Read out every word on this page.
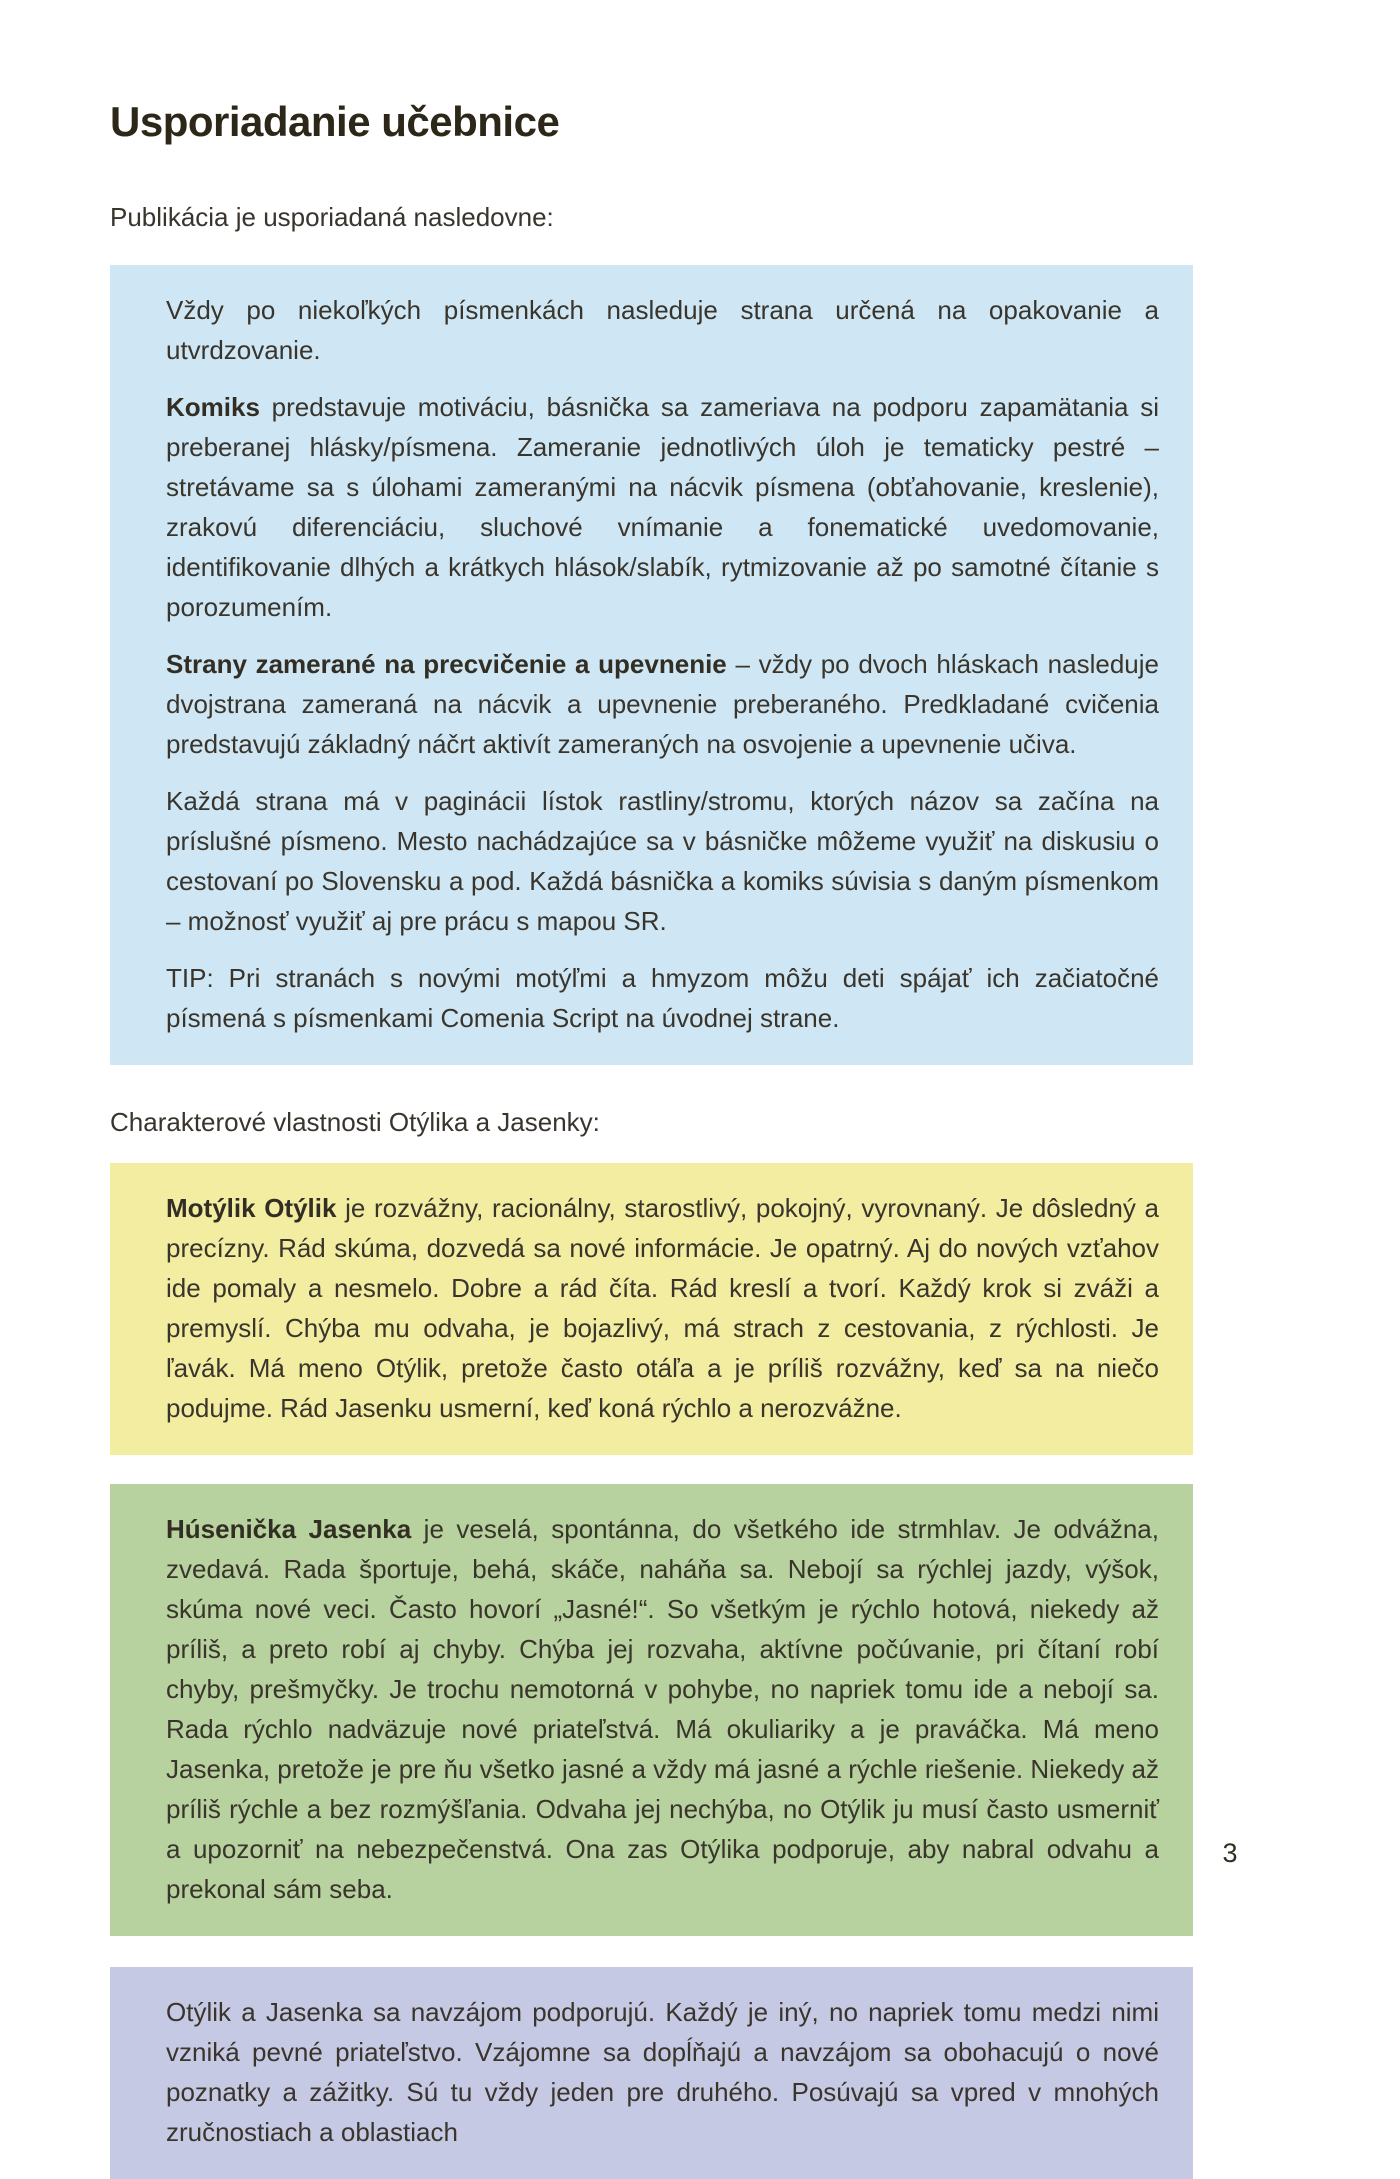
Usporiadanie učebnice
Publikácia je usporiadaná nasledovne:

Vždy po niekoľkých písmenkách nasleduje strana určená na opakovanie a utvrdzovanie.

Komiks predstavuje motiváciu, básnička sa zameriava na podporu zapamätania si preberanej hlásky/písmena. Zameranie jednotlivých úloh je tematicky pestré – stretávame sa s úlohami zameranými na nácvik písmena (obťahovanie, kreslenie), zrakovú diferenciáciu, sluchové vnímanie a fonematické uvedomovanie, identifikovanie dlhých a krátkych hlások/slabík, rytmizovanie až po samotné čítanie s porozumením.

Strany zamerané na precvičenie a upevnenie – vždy po dvoch hláskach nasleduje dvojstrana zameraná na nácvik a upevnenie preberaného. Predkladané cvičenia predstavujú základný náčrt aktivít zameraných na osvojenie a upevnenie učiva.

Každá strana má v paginácii lístok rastliny/stromu, ktorých názov sa začína na príslušné písmeno. Mesto nachádzajúce sa v básničke môžeme využiť na diskusiu o cestovaní po Slovensku a pod. Každá básnička a komiks súvisia s daným písmenkom – možnosť využiť aj pre prácu s mapou SR.

TIP: Pri stranách s novými motýľmi a hmyzom môžu deti spájať ich začiatočné písmená s písmenkami Comenia Script na úvodnej strane.

Charakterové vlastnosti Otýlika a Jasenky:

Motýlik Otýlik je rozvážny, racionálny, starostlivý, pokojný, vyrovnaný. Je dôsledný a precízny. Rád skúma, dozvedá sa nové informácie. Je opatrný. Aj do nových vzťahov ide pomaly a nesmelo. Dobre a rád číta. Rád kreslí a tvorí. Každý krok si zváži a premyslí. Chýba mu odvaha, je bojazlivý, má strach z cestovania, z rýchlosti. Je ľavák. Má meno Otýlik, pretože často otáľa a je príliš rozvážny, keď sa na niečo podujme. Rád Jasenku usmerní, keď koná rýchlo a nerozvážne.

Húsenička Jasenka je veselá, spontánna, do všetkého ide strmhlav. Je odvážna, zvedavá. Rada športuje, behá, skáče, naháňa sa. Nebojí sa rýchlej jazdy, výšok, skúma nové veci. Často hovorí „Jasné!“. So všetkým je rýchlo hotová, niekedy až príliš, a preto robí aj chyby. Chýba jej rozvaha, aktívne počúvanie, pri čítaní robí chyby, prešmyčky. Je trochu nemotorná v pohybe, no napriek tomu ide a nebojí sa. Rada rýchlo nadväzuje nové priateľstvá. Má okuliariky a je praváčka. Má meno Jasenka, pretože je pre ňu všetko jasné a vždy má jasné a rýchle riešenie. Niekedy až príliš rýchle a bez rozmýšľania. Odvaha jej nechýba, no Otýlik ju musí často usmerniť a upozorniť na nebezpečenstvá. Ona zas Otýlika podporuje, aby nabral odvahu a prekonal sám seba.

Otýlik a Jasenka sa navzájom podporujú. Každý je iný, no napriek tomu medzi nimi vzniká pevné priateľstvo. Vzájomne sa dopĺňajú a navzájom sa obohacujú o nové poznatky a zážitky. Sú tu vždy jeden pre druhého. Posúvajú sa vpred v mnohých zručnostiach a oblastiach

3
